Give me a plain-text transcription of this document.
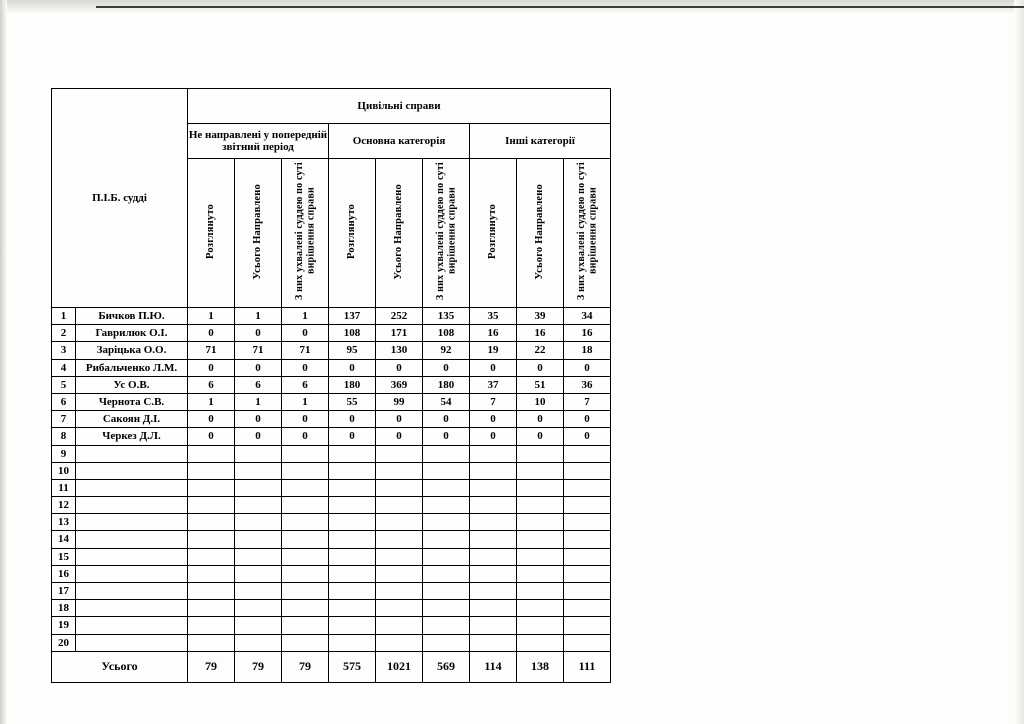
П.І.Б. судді		Цивільні справи								
		Не направлені у попередній звітний період			Основна категорія			Інші категорії		
		Розглянуто	Усього Направлено	З них ухвалені суддею по суті вирішення справи	Розглянуто	Усього Направлено	З них ухвалені суддею по суті вирішення справи	Розглянуто	Усього Направлено	З них ухвалені суддею по суті вирішення справи
1	Бичков П.Ю.	1	1	1	137	252	135	35	39	34
2	Гаврилюк О.І.	0	0	0	108	171	108	16	16	16
3	Заріцька О.О.	71	71	71	95	130	92	19	22	18
4	Рибальченко Л.М.	0	0	0	0	0	0	0	0	0
5	Ус О.В.	6	6	6	180	369	180	37	51	36
6	Чернота С.В.	1	1	1	55	99	54	7	10	7
7	Сакоян Д.І.	0	0	0	0	0	0	0	0	0
8	Черкез Д.Л.	0	0	0	0	0	0	0	0	0
9										
10										
11										
12										
13										
14										
15										
16										
17										
18										
19										
20										
Усього		79	79	79	575	1021	569	114	138	111
